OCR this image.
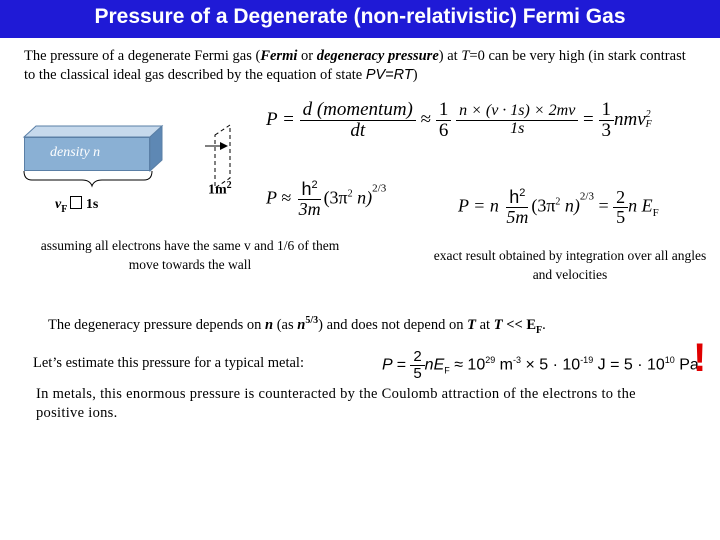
Pressure of a Degenerate (non-relativistic) Fermi Gas
The pressure of a degenerate Fermi gas (Fermi or degeneracy pressure) at T=0 can be very high (in stark contrast to the classical ideal gas described by the equation of state PV=RT)
density n
$v_F$ 1s
$1m^2$
$P = \frac{\text{d (momentum)}}{dt} \approx \frac{1}{6}$
$\frac{n \times (v \cdot 1s) \times 2mv}{1s} = \frac{1}{3}$ nmv 2
F
$P \approx \frac{h^2}{3m} (3\pi^2$ n)$^{2/3}$
P = n $\frac{h^2}{5m} (3\pi^2$ $n)^{2/3} = \frac{2}{5}$ n $E_F$
assuming all electrons have the same v and 1/6 of them move towards the wall
exact result obtained by integration over all angles and velocities
The degeneracy pressure depends on n (as $n^{5/3}$) and does not depend on T at $T << E_F$.
Let’s estimate this pressure for a typical metal:	$P = \frac{2}{5} nE_F \approx 10^{29}$ $m^{-3} \times 5 \cdot 10^{-19}$ $J = 5 \cdot 10^{10}$ Pa
!
In metals, this enormous pressure is counteracted by the Coulomb attraction of the electrons to the positive ions.
